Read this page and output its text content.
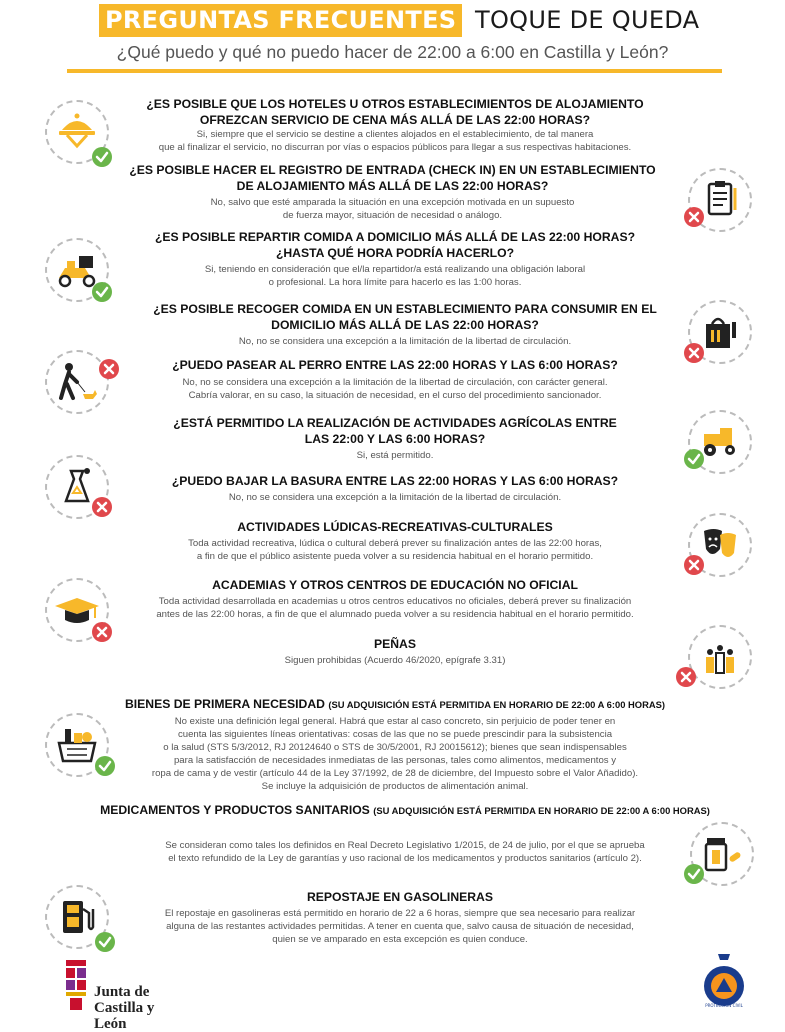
PREGUNTAS FRECUENTES TOQUE DE QUEDA
¿Qué puedo y qué no puedo hacer de 22:00 a 6:00 en Castilla y León?
¿ES POSIBLE QUE LOS HOTELES U OTROS ESTABLECIMIENTOS DE ALOJAMIENTO
OFREZCAN SERVICIO DE CENA MÁS ALLÁ DE LAS 22:00 HORAS?
Si, siempre que el servicio se destine a clientes alojados en el establecimiento, de tal manera
que al finalizar el servicio, no discurran por vías o espacios públicos para llegar a sus respectivas habitaciones.
¿ES POSIBLE HACER EL REGISTRO DE ENTRADA (CHECK IN) EN UN ESTABLECIMIENTO
DE ALOJAMIENTO MÁS ALLÁ DE LAS 22:00 HORAS?
No, salvo que esté amparada la situación en una excepción motivada en un supuesto
de fuerza mayor, situación de necesidad o análogo.
¿ES POSIBLE REPARTIR COMIDA A DOMICILIO MÁS ALLÁ DE LAS 22:00 HORAS?
¿HASTA QUÉ HORA PODRÍA HACERLO?
Si, teniendo en consideración que el/la repartidor/a está realizando una obligación laboral
o profesional. La hora límite para hacerlo es las 1:00 horas.
¿ES POSIBLE RECOGER COMIDA EN UN ESTABLECIMIENTO PARA CONSUMIR EN EL
DOMICILIO MÁS ALLÁ DE LAS 22:00 HORAS?
No, no se considera una excepción a la limitación de la libertad de circulación.
¿PUEDO PASEAR AL PERRO ENTRE LAS 22:00 HORAS Y LAS 6:00 HORAS?
No, no se considera una excepción a la limitación de la libertad de circulación, con carácter general.
Cabría valorar, en su caso, la situación de necesidad, en el curso del procedimiento sancionador.
¿ESTÁ PERMITIDO LA REALIZACIÓN DE ACTIVIDADES AGRÍCOLAS ENTRE
LAS 22:00 Y LAS 6:00 HORAS?
Si, está permitido.
¿PUEDO BAJAR LA BASURA ENTRE LAS 22:00 HORAS Y LAS 6:00 HORAS?
No, no se considera una excepción a la limitación de la libertad de circulación.
ACTIVIDADES LÚDICAS-RECREATIVAS-CULTURALES
Toda actividad recreativa, lúdica o cultural deberá prever su finalización antes de las 22:00 horas,
a fin de que el público asistente pueda volver a su residencia habitual en el horario permitido.
ACADEMIAS Y OTROS CENTROS DE EDUCACIÓN NO OFICIAL
Toda actividad desarrollada en academias u otros centros educativos no oficiales, deberá prever su finalización
antes de las 22:00 horas, a fin de que el alumnado pueda volver a su residencia habitual en el horario permitido.
PEÑAS
Siguen prohibidas (Acuerdo 46/2020, epígrafe 3.31)
BIENES DE PRIMERA NECESIDAD (SU ADQUISICIÓN ESTÁ PERMITIDA EN HORARIO DE 22:00 A 6:00 HORAS)
No existe una definición legal general. Habrá que estar al caso concreto, sin perjuicio de poder tener en
cuenta las siguientes líneas orientativas: cosas de las que no se puede prescindir para la subsistencia
o la salud (STS 5/3/2012, RJ 20124640 o STS de 30/5/2001, RJ 20015612); bienes que sean indispensables
para la satisfacción de necesidades inmediatas de las personas, tales como alimentos, medicamentos y
ropa de cama y de vestir (artículo 44 de la Ley 37/1992, de 28 de diciembre, del Impuesto sobre el Valor Añadido).
Se incluye la adquisición de productos de alimentación animal.
MEDICAMENTOS Y PRODUCTOS SANITARIOS (SU ADQUISICIÓN ESTÁ PERMITIDA EN HORARIO DE 22:00 A 6:00 HORAS)
Se consideran como tales los definidos en Real Decreto Legislativo 1/2015, de 24 de julio, por el que se aprueba
el texto refundido de la Ley de garantías y uso racional de los medicamentos y productos sanitarios (artículo 2).
REPOSTAJE EN GASOLINERAS
El repostaje en gasolineras está permitido en horario de 22 a 6 horas, siempre que sea necesario para realizar
alguna de las restantes actividades permitidas. A tener en cuenta que, salvo causa de situación de necesidad,
quien se ve amparado en esta excepción es quien conduce.
Junta de
Castilla y León
PROTECCIÓN CIVIL
